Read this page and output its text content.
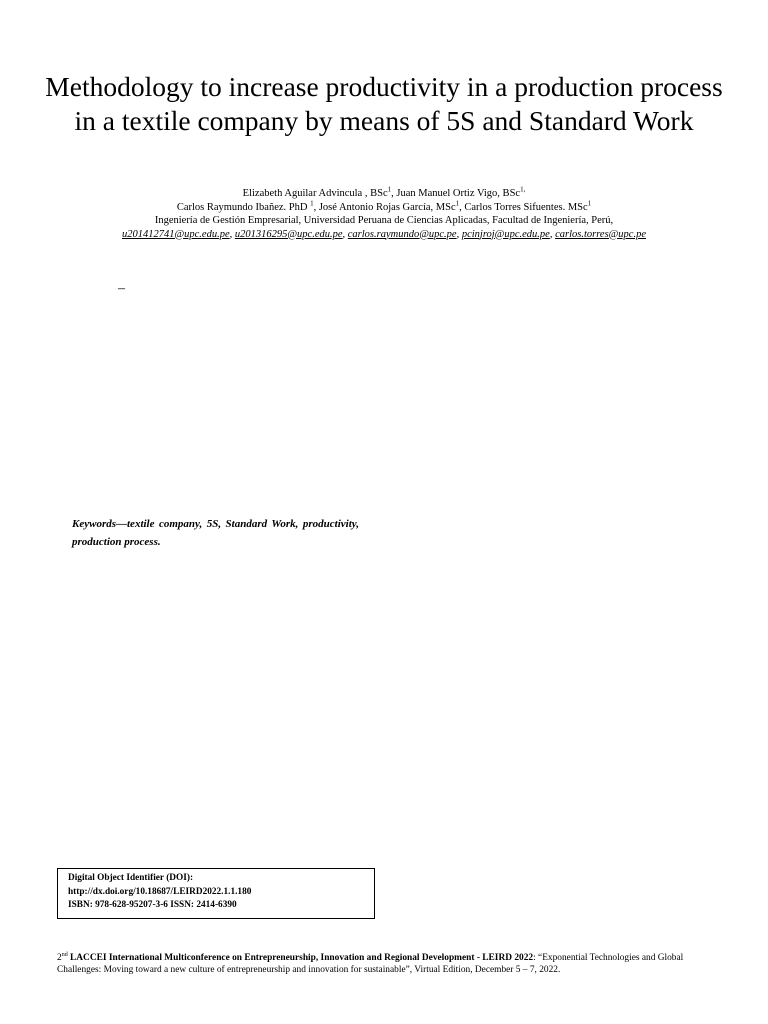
Methodology to increase productivity in a production process in a textile company by means of 5S and Standard Work
Elizabeth Aguilar Advincula , BSc$^1$, Juan Manuel Ortiz Vigo, BSc$^{1,}$
Carlos Raymundo Ibañez. PhD $^1$, José Antonio Rojas García, MSc$^1$, Carlos Torres Sifuentes. MSc$^1$
Ingeniería de Gestión Empresarial, Universidad Peruana de Ciencias Aplicadas, Facultad de Ingeniería, Perú,
u201412741@upc.edu.pe, u201316295@upc.edu.pe, carlos.raymundo@upc.pe, pcinjroj@upc.edu.pe, carlos.torres@upc.pe
–
Keywords—textile company, 5S, Standard Work, productivity, production process.
Digital Object Identifier (DOI):
http://dx.doi.org/10.18687/LEIRD2022.1.1.180
ISBN: 978-628-95207-3-6 ISSN: 2414-6390
2nd LACCEI International Multiconference on Entrepreneurship, Innovation and Regional Development - LEIRD 2022: “Exponential Technologies and Global Challenges: Moving toward a new culture of entrepreneurship and innovation for sustainable”, Virtual Edition, December 5 – 7, 2022.
